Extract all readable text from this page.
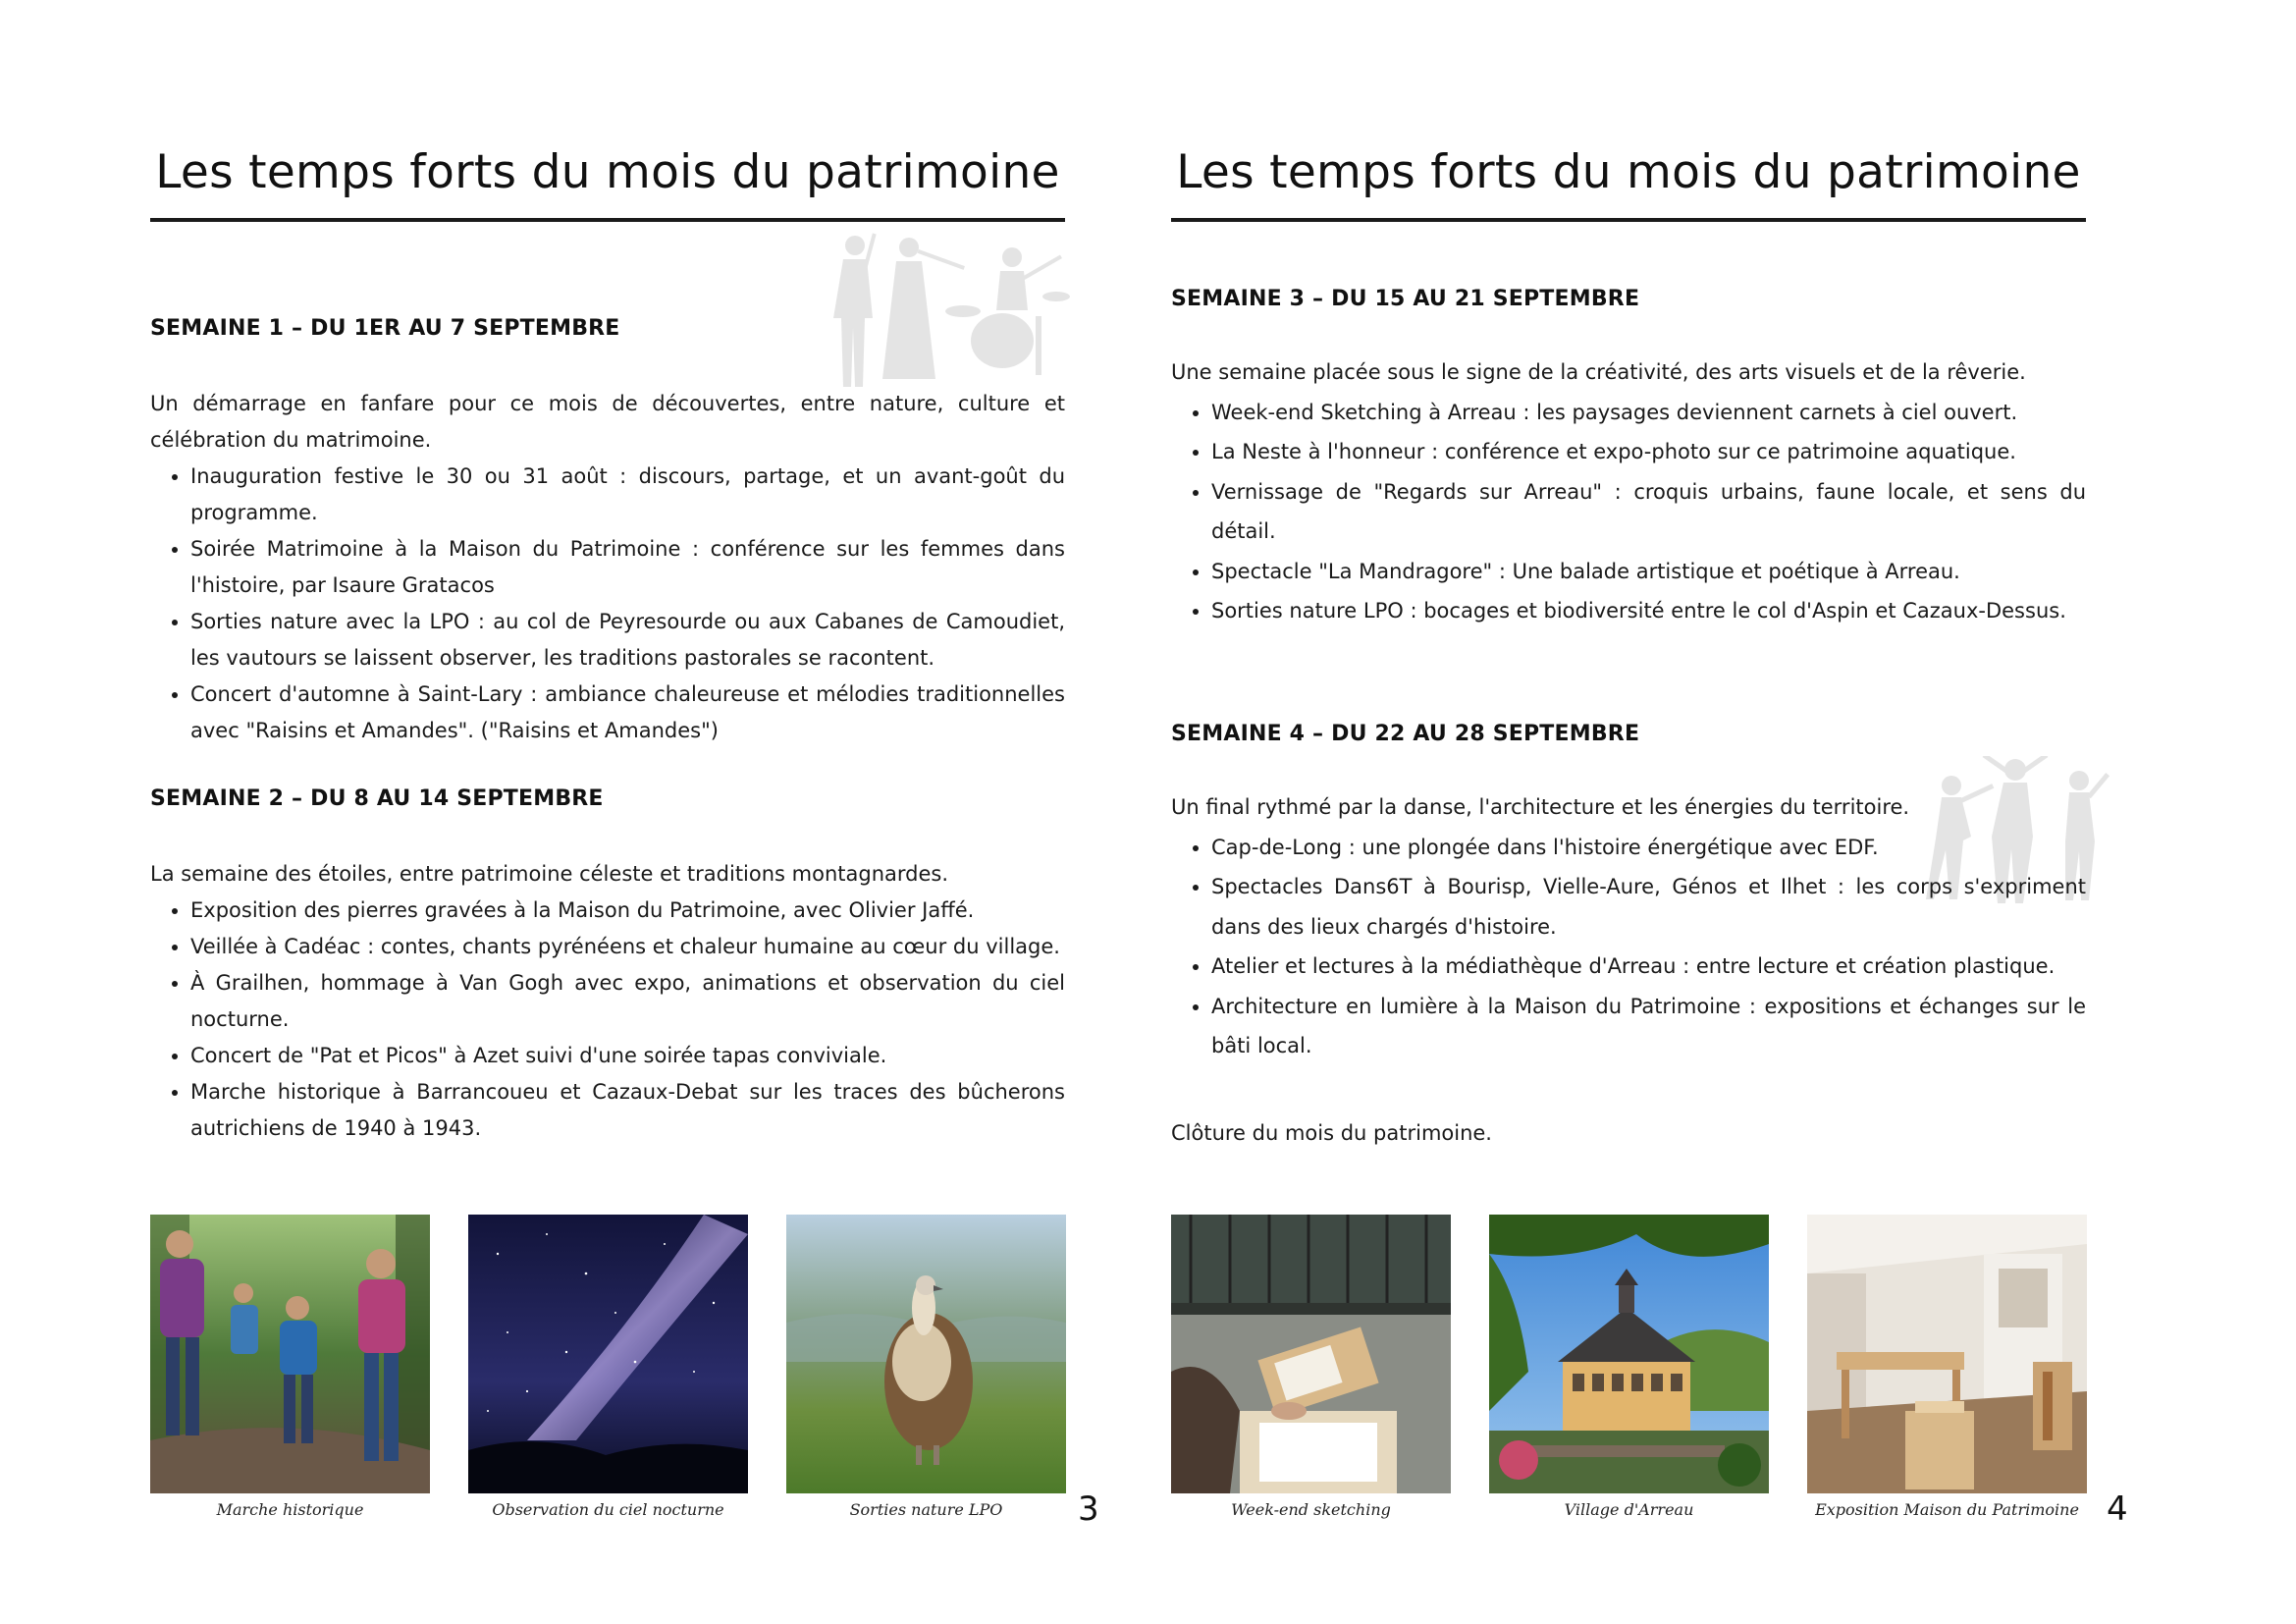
Les temps forts du mois du patrimoine
SEMAINE 1 – DU 1ER AU 7 SEPTEMBRE

Un démarrage en fanfare pour ce mois de découvertes, entre nature, culture et célébration du matrimoine.

• Inauguration festive le 30 ou 31 août : discours, partage, et un avant-goût du programme.
• Soirée Matrimoine à la Maison du Patrimoine : conférence sur les femmes dans l'histoire, par Isaure Gratacos
• Sorties nature avec la LPO : au col de Peyresourde ou aux Cabanes de Camoudiet, les vautours se laissent observer, les traditions pastorales se racontent.
• Concert d'automne à Saint-Lary : ambiance chaleureuse et mélodies traditionnelles avec "Raisins et Amandes". ("Raisins et Amandes")
SEMAINE 2 – DU 8 AU 14 SEPTEMBRE

La semaine des étoiles, entre patrimoine céleste et traditions montagnardes.

• Exposition des pierres gravées à la Maison du Patrimoine, avec Olivier Jaffé.
• Veillée à Cadéac : contes, chants pyrénéens et chaleur humaine au cœur du village.
• À Grailhen, hommage à Van Gogh avec expo, animations et observation du ciel nocturne.
• Concert de "Pat et Picos" à Azet suivi d'une soirée tapas conviviale.
• Marche historique à Barrancoueu et Cazaux-Debat sur les traces des bûcherons autrichiens de 1940 à 1943.
Marche historique	Observation du ciel nocturne	Sorties nature LPO	3
Les temps forts du mois du patrimoine
SEMAINE 3 – DU 15 AU 21 SEPTEMBRE

Une semaine placée sous le signe de la créativité, des arts visuels et de la rêverie.

• Week-end Sketching à Arreau : les paysages deviennent carnets à ciel ouvert.
• La Neste à l'honneur : conférence et expo-photo sur ce patrimoine aquatique.
• Vernissage de "Regards sur Arreau" : croquis urbains, faune locale, et sens du détail.
• Spectacle "La Mandragore" : Une balade artistique et poétique à Arreau.
• Sorties nature LPO : bocages et biodiversité entre le col d'Aspin et Cazaux-Dessus.
SEMAINE 4 – DU 22 AU 28 SEPTEMBRE

Un final rythmé par la danse, l'architecture et les énergies du territoire.

• Cap-de-Long : une plongée dans l'histoire énergétique avec EDF.
• Spectacles Dans6T à Bourisp, Vielle-Aure, Génos et Ilhet : les corps s'expriment dans des lieux chargés d'histoire.
• Atelier et lectures à la médiathèque d'Arreau : entre lecture et création plastique.
• Architecture en lumière à la Maison du Patrimoine : expositions et échanges sur le bâti local.
Clôture du mois du patrimoine.
Week-end sketching	Village d'Arreau	Exposition Maison du Patrimoine 4
